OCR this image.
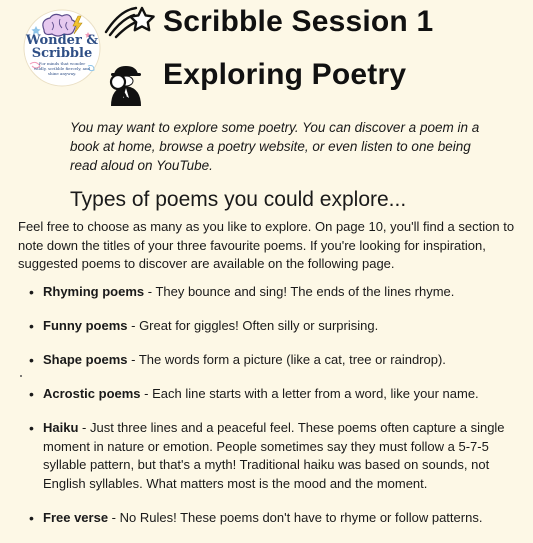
Wonder &
Scribble
For minds that wonder wildly, scribble fiercely, and shine anyway.
Scribble Session 1
Exploring Poetry
You may want to explore some poetry. You can discover a poem in a book at home, browse a poetry website, or even listen to one being read aloud on YouTube.
Types of poems you could explore...
Feel free to choose as many as you like to explore. On page 10, you'll find a section to note down the titles of your three favourite poems. If you're looking for inspiration, suggested poems to discover are available on the following page.
• Rhyming poems - They bounce and sing! The ends of the lines rhyme.
• Funny poems - Great for giggles! Often silly or surprising.
• Shape poems - The words form a picture (like a cat, tree or raindrop).
• Acrostic poems - Each line starts with a letter from a word, like your name.
• Haiku - Just three lines and a peaceful feel. These poems often capture a single moment in nature or emotion. People sometimes say they must follow a 5-7-5 syllable pattern, but that's a myth! Traditional haiku was based on sounds, not English syllables. What matters most is the mood and the moment.
• Free verse - No Rules! These poems don't have to rhyme or follow patterns.
